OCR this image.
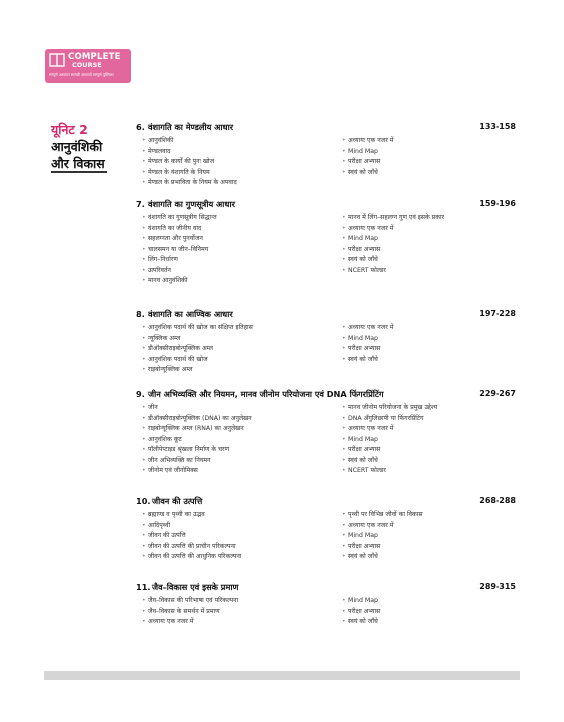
COMPLETE
COURSE
सम्पूर्ण अध्ययन सामग्री अध्यायों सम्पूर्ण पुस्तिका
यूनिट 2
आनुवंशिकी और विकास
6. वंशागति का मेण्डलीय आधार	133-158
• आनुवंशिकी
• मेण्डलवाद
• मेण्डल के कार्यों की पुनः खोज
• मेण्डल के वंशागति के नियम
• मेण्डल के प्रभाविता के नियम के अपवाद
• अध्यायः एक नजर में
• Mind Map
• परीक्षा अभ्यास
• स्वयं को जाँचे
7. वंशागति का गुणसूत्रीय आधार	159-196
• वंशागति का गुणसूत्रीय सिद्धान्त
• वंशागति का जीनीय वाद
• सहलग्नता और पुनर्योजन
• चालसमन या जीन–विनिमय
• लिंग–निर्धारण
• उत्परिवर्तन
• मानव आनुवंशिकी
• मानव में लिंग–सहलग्न गुण एवं इसके प्रकार
• अध्यायः एक नजर में
• Mind Map
• परीक्षा अभ्यास
• स्वयं को जाँचे
• NCERT फोल्डर
8. वंशागति का आण्विक आधार	197-228
• आनुवंशिक पदार्थ की खोज का संक्षिप्त इतिहास
• न्यूक्लिक अम्ल
• डीऑक्सीराइबोन्यूक्लिक अम्ल
• आनुवंशिक पदार्थ की खोज
• राइबोन्यूक्लिक अम्ल
• अध्यायः एक नजर में
• Mind Map
• परीक्षा अभ्यास
• स्वयं को जाँचे
9. जीन अभिव्यक्ति और नियमन, मानव जीनोम परियोजना एवं DNA फिंगरप्रिंटिंग	229-267
• जीन
• डीऑक्सीराइबोन्यूक्लिक (DNA) का अनुलेखन
• राइबोन्यूक्लिक अम्ल (RNA) का अनुलेखन
• आनुवंशिक कूट
• पॉलीपेप्टाइड श्रृंखला निर्माण के चरण
• जीन अभिव्यक्ति का नियमन
• जीनोम एवं जीनोमिक्स
• मानव जीनोम परियोजना के प्रमुख उद्देश्य
• DNA अँगुलिछापी या फिंगरप्रिंटिंग
• अध्यायः एक नजर में
• Mind Map
• परीक्षा अभ्यास
• स्वयं को जाँचे
• NCERT फोल्डर
10. जीवन की उत्पत्ति	268-288
• ब्रह्माण्ड व पृथ्वी का उद्भव
• आदिपृथ्वी
• जीवन की उत्पत्ति
• जीवन की उत्पत्ति की प्राचीन परिकल्पना
• जीवन की उत्पत्ति की आधुनिक परिकल्पना
• पृथ्वी पर विभिन्न जीवों का विकास
• अध्यायः एक नजर में
• Mind Map
• परीक्षा अभ्यास
• स्वयं को जाँचे
11. जैव–विकास एवं इसके प्रमाण	289-315
• जैव–विकास की परिभाषा एवं परिकल्पना
• जैव–विकास के समर्थन में प्रमाण
• अध्यायः एक नजर में
• Mind Map
• परीक्षा अभ्यास
• स्वयं को जाँचे
